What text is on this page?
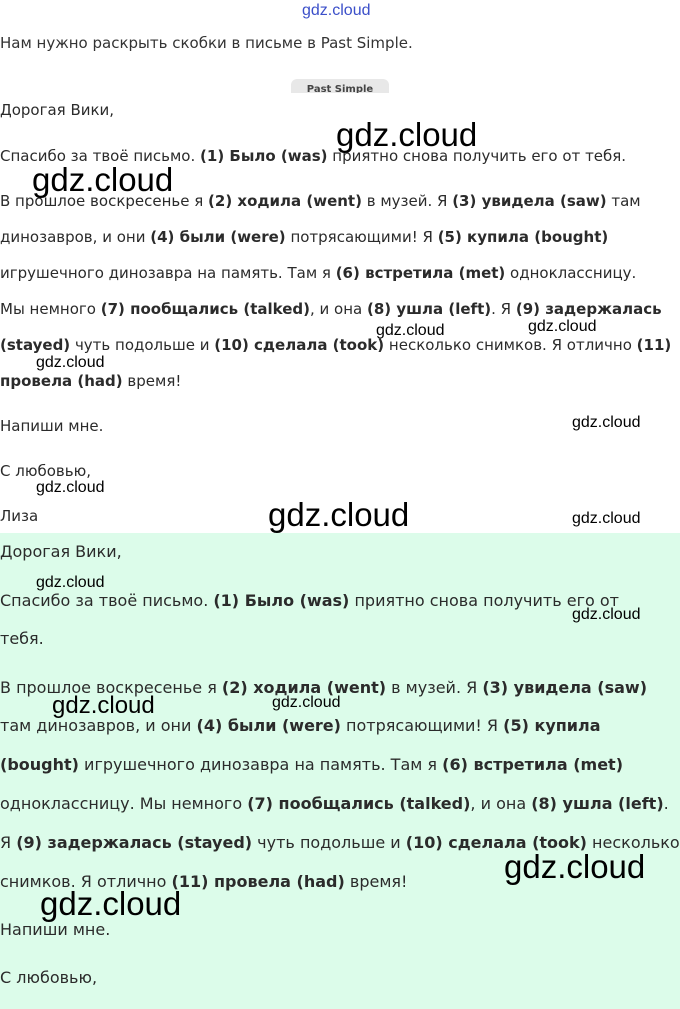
gdz.cloud
Нам нужно раскрыть скобки в письме в Past Simple.
Past Simple
Дорогая Вики,
Спасибо за твоё письмо. (1) Было (was) приятно снова получить его от тебя.
В прошлое воскресенье я (2) ходила (went) в музей. Я (3) увидела (saw) там
динозавров, и они (4) были (were) потрясающими! Я (5) купила (bought)
игрушечного динозавра на память. Там я (6) встретила (met) одноклассницу.
Мы немного (7) пообщались (talked), и она (8) ушла (left). Я (9) задержалась
(stayed) чуть подольше и (10) сделала (took) несколько снимков. Я отлично (11)
провела (had) время!
Напиши мне.
С любовью,
Лиза
Дорогая Вики,
Спасибо за твоё письмо. (1) Было (was) приятно снова получить его от
тебя.
В прошлое воскресенье я (2) ходила (went) в музей. Я (3) увидела (saw)
там динозавров, и они (4) были (were) потрясающими! Я (5) купила
(bought) игрушечного динозавра на память. Там я (6) встретила (met)
одноклассницу. Мы немного (7) пообщались (talked), и она (8) ушла (left).
Я (9) задержалась (stayed) чуть подольше и (10) сделала (took) несколько
снимков. Я отлично (11) провела (had) время!
Напиши мне.
С любовью,
gdz.cloud
gdz.cloud
gdz.cloud	gdz.cloud
gdz.cloud
gdz.cloud
gdz.cloud
gdz.cloud	gdz.cloud
gdz.cloud
gdz.cloud
gdz.cloud
gdz.cloud
gdz.cloud
gdz.cloud
